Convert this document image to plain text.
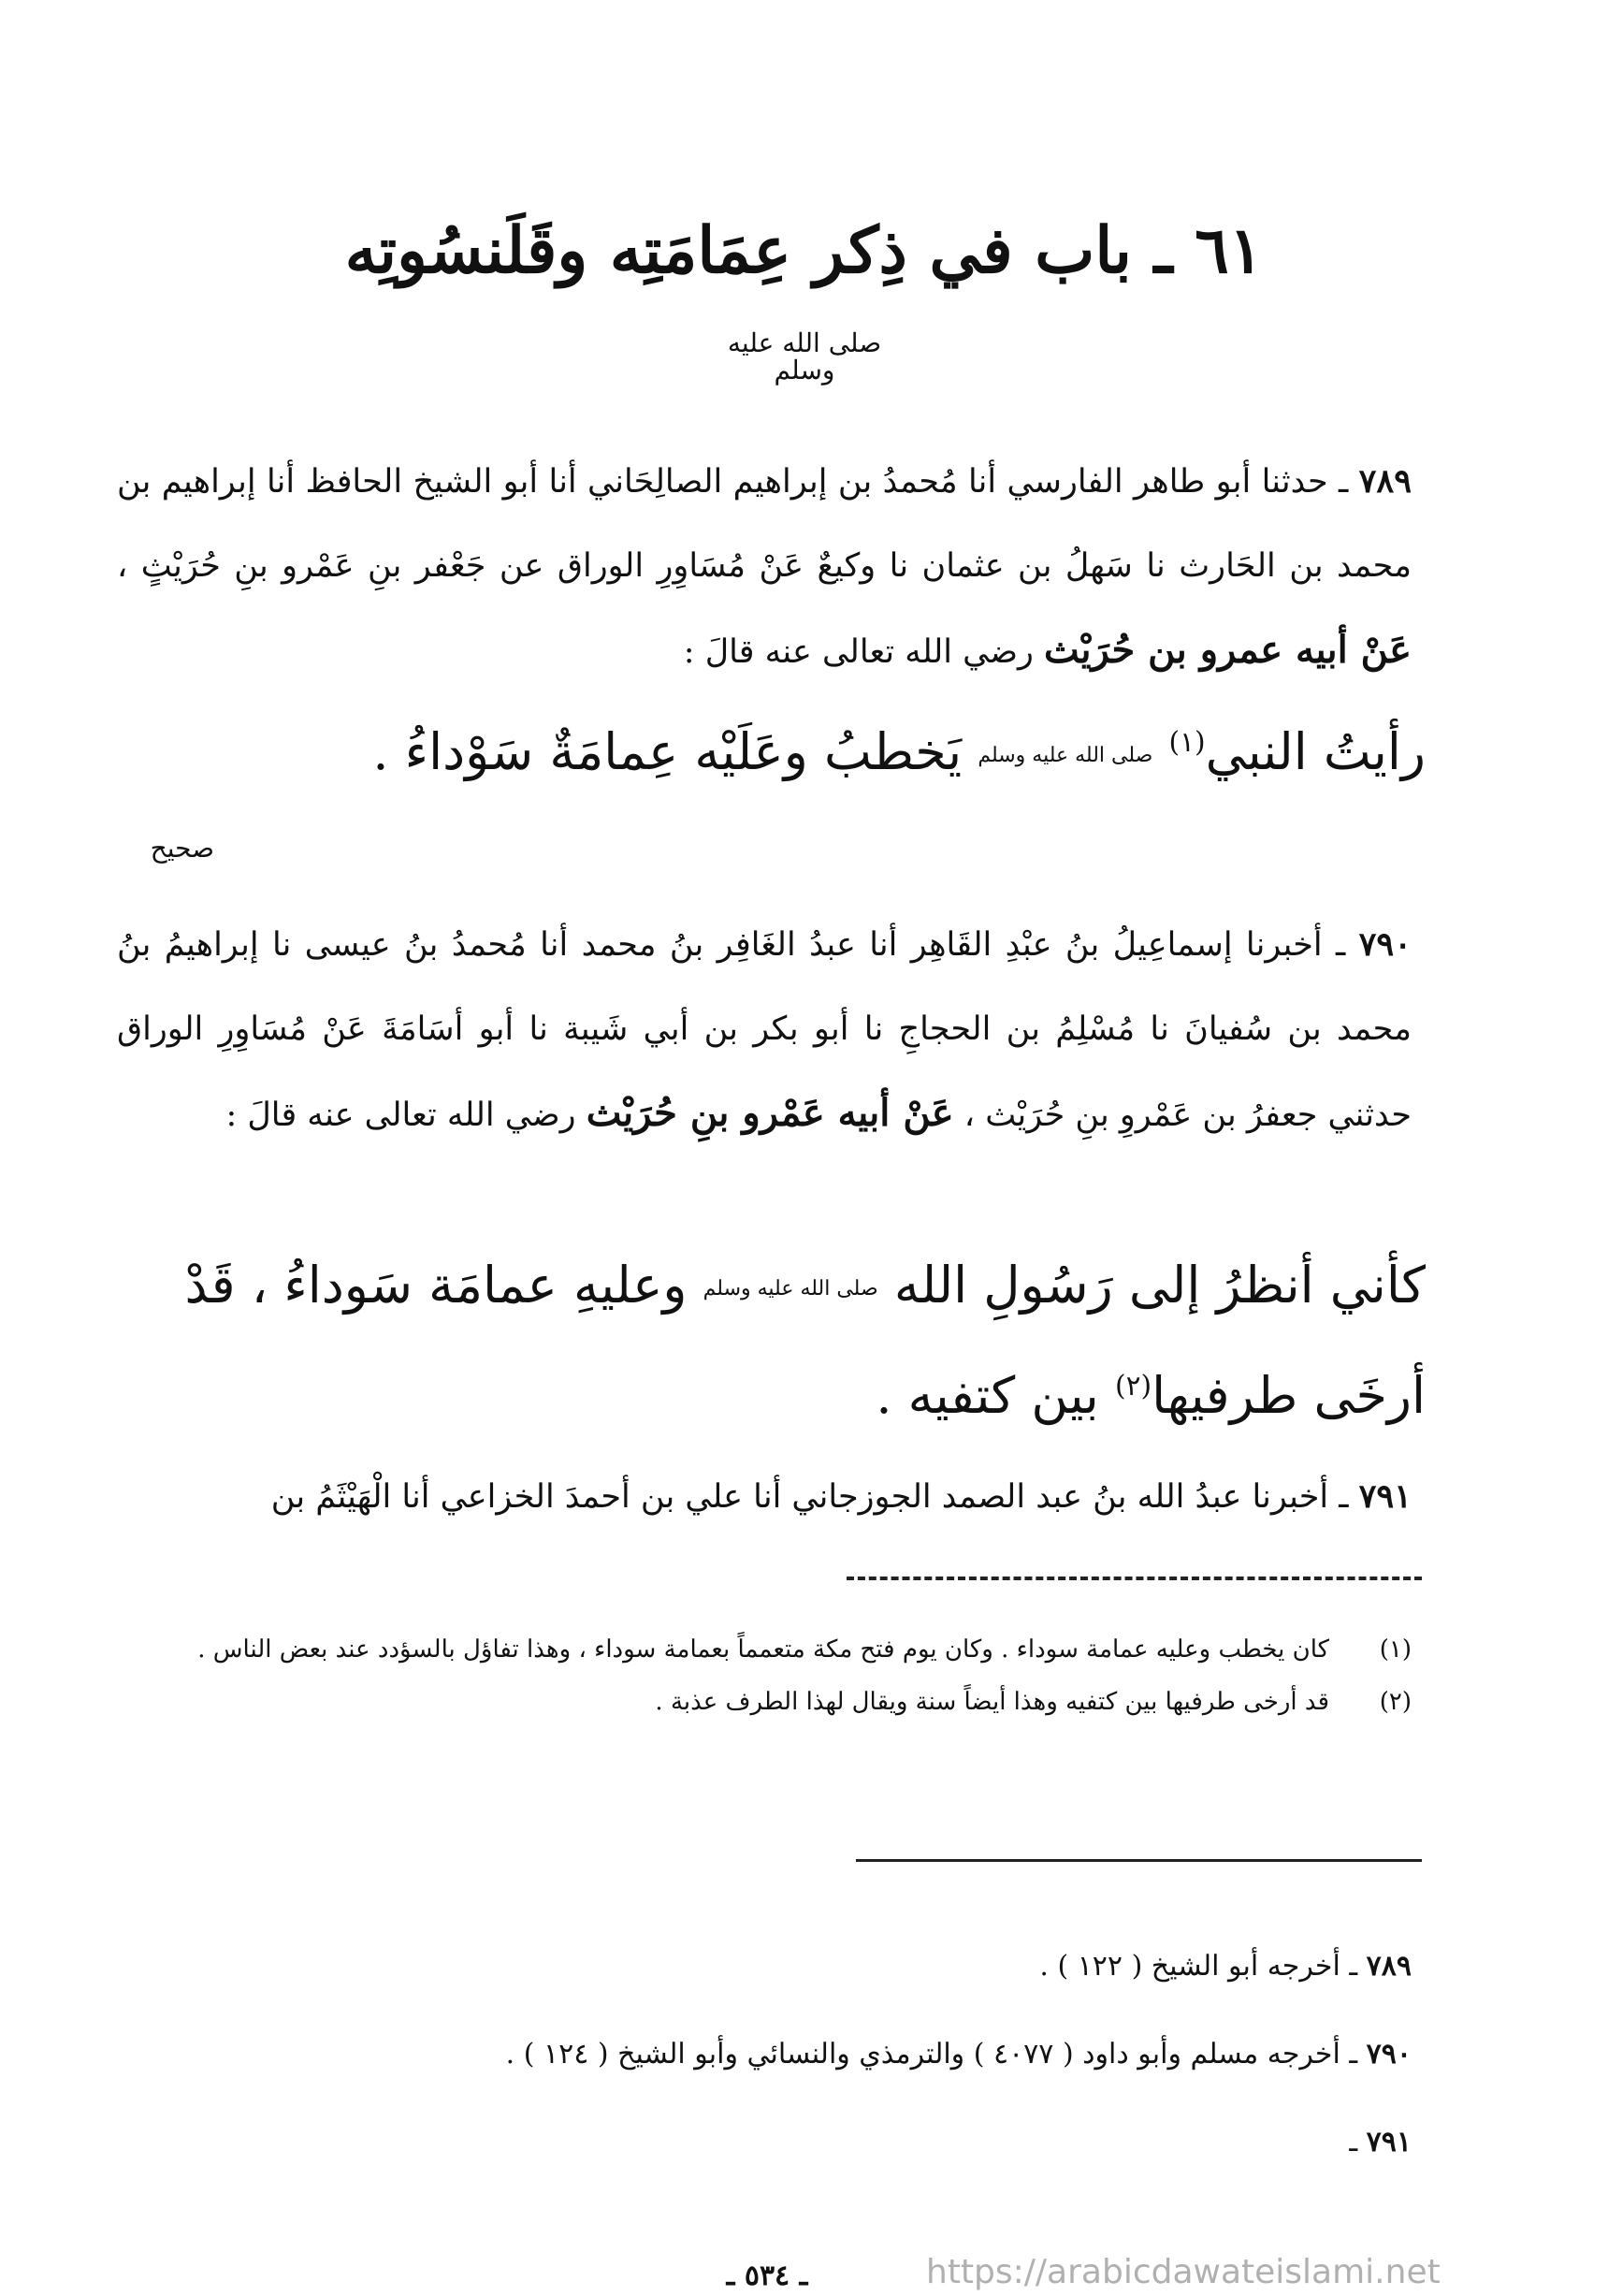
٦١ ـ باب في ذِكر عِمَامَتِه وقَلَنسُوتِه
صلى الله عليه وسلم

٧٨٩ ـ حدثنا أبو طاهر الفارسي أنا مُحمدُ بن إبراهيم الصالِحَاني أنا أبو الشيخ الحافظ أنا إبراهيم بن محمد بن الحَارث نا سَهلُ بن عثمان نا وكيعٌ عَنْ مُسَاوِرِ الوراق عن جَعْفر بنِ عَمْرو بنِ حُرَيْثٍ ، عَنْ أبيه عمرو بن حُرَيْث رضي الله تعالى عنه قالَ :

رأيتُ النبي$^{(١)}$ صلى الله عليه وسلم يَخطبُ وعَلَيْه عِمامَةٌ سَوْداءُ .

صحيح

٧٩٠ ـ أخبرنا إسماعِيلُ بنُ عبْدِ القَاهِر أنا عبدُ الغَافِر بنُ محمد أنا مُحمدُ بنُ عيسى نا إبراهيمُ بنُ محمد بن سُفيانَ نا مُسْلِمُ بن الحجاجِ نا أبو بكر بن أبي شَيبة نا أبو أسَامَةَ عَنْ مُسَاوِرِ الوراق حدثني جعفرُ بن عَمْروِ بنِ حُرَيْث ، عَنْ أبيه عَمْرو بنِ حُرَيْث رضي الله تعالى عنه قالَ :

كأني أنظرُ إلى رَسُولِ الله صلى الله عليه وسلم وعليهِ عمامَة سَوداءُ ، قَدْ أرخَى طرفيها$^{(٢)}$ بين كتفيه .

٧٩١ ـ أخبرنا عبدُ الله بنُ عبد الصمد الجوزجاني أنا علي بن أحمدَ الخزاعي أنا الْهَيْثَمُ بن

(١)
كان يخطب وعليه عمامة سوداء . وكان يوم فتح مكة متعمماً بعمامة سوداء ، وهذا تفاؤل بالسؤدد عند بعض الناس .
(٢)
قد أرخى طرفيها بين كتفيه وهذا أيضاً سنة ويقال لهذا الطرف عذبة .
٧٨٩ ـ أخرجه أبو الشيخ ( ١٢٢ ) .
٧٩٠ ـ أخرجه مسلم وأبو داود ( ٤٠٧٧ ) والترمذي والنسائي وأبو الشيخ ( ١٢٤ ) .
٧٩١ ـ
ـ ٥٣٤ ـ	https://arabicdawateislami.net
